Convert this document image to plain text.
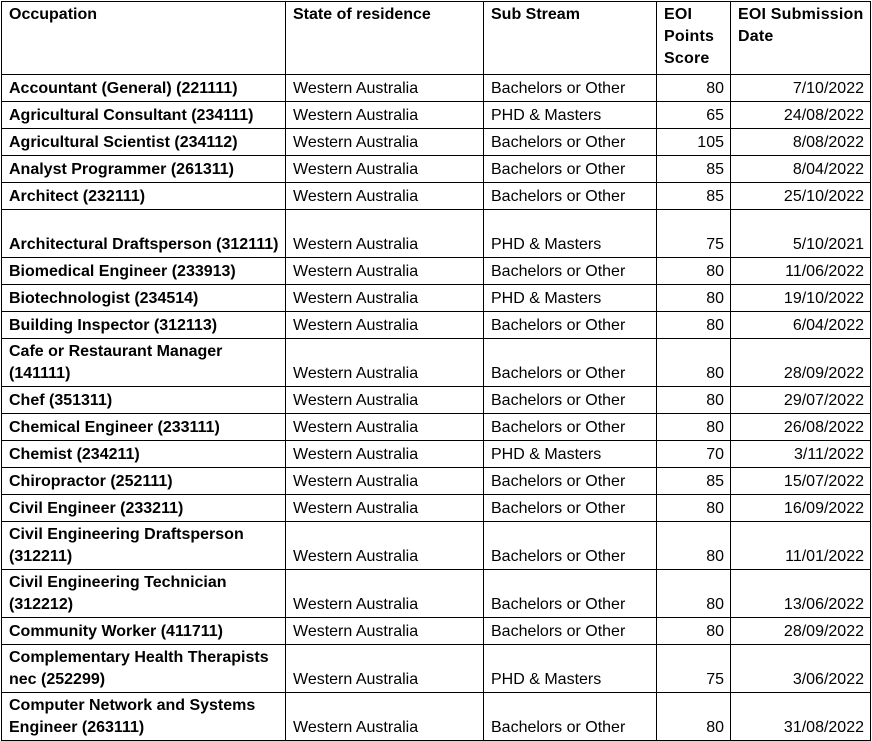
Occupation	State of residence	Sub Stream	EOI Points Score	EOI Submission Date
Accountant (General) (221111)	Western Australia	Bachelors or Other	80	7/10/2022
Agricultural Consultant (234111)	Western Australia	PHD & Masters	65	24/08/2022
Agricultural Scientist (234112)	Western Australia	Bachelors or Other	105	8/08/2022
Analyst Programmer (261311)	Western Australia	Bachelors or Other	85	8/04/2022
Architect (232111)	Western Australia	Bachelors or Other	85	25/10/2022
Architectural Draftsperson (312111)	Western Australia	PHD & Masters	75	5/10/2021
Biomedical Engineer (233913)	Western Australia	Bachelors or Other	80	11/06/2022
Biotechnologist (234514)	Western Australia	PHD & Masters	80	19/10/2022
Building Inspector (312113)	Western Australia	Bachelors or Other	80	6/04/2022
Cafe or Restaurant Manager (141111)	Western Australia	Bachelors or Other	80	28/09/2022
Chef (351311)	Western Australia	Bachelors or Other	80	29/07/2022
Chemical Engineer (233111)	Western Australia	Bachelors or Other	80	26/08/2022
Chemist (234211)	Western Australia	PHD & Masters	70	3/11/2022
Chiropractor (252111)	Western Australia	Bachelors or Other	85	15/07/2022
Civil Engineer (233211)	Western Australia	Bachelors or Other	80	16/09/2022
Civil Engineering Draftsperson (312211)	Western Australia	Bachelors or Other	80	11/01/2022
Civil Engineering Technician (312212)	Western Australia	Bachelors or Other	80	13/06/2022
Community Worker (411711)	Western Australia	Bachelors or Other	80	28/09/2022
Complementary Health Therapists nec (252299)	Western Australia	PHD & Masters	75	3/06/2022
Computer Network and Systems Engineer (263111)	Western Australia	Bachelors or Other	80	31/08/2022
